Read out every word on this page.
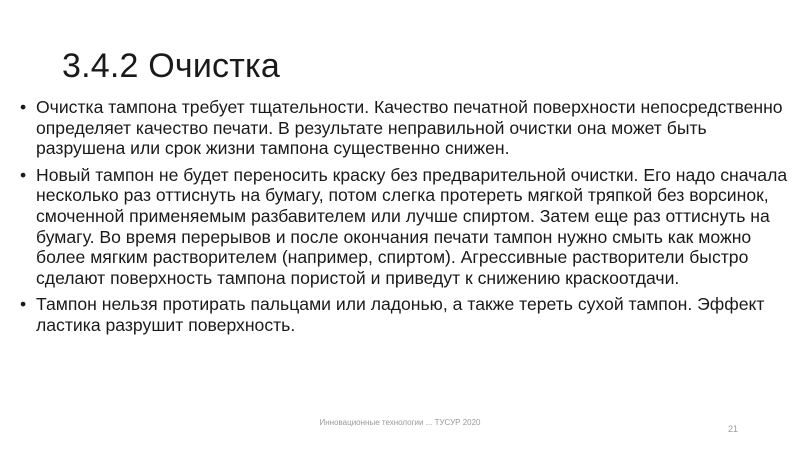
3.4.2 Очистка
• Очистка тампона требует тщательности. Качество печатной поверхности непосредственно определяет качество печати. В результате неправильной очистки она может быть разрушена или срок жизни тампона существенно снижен.
• Новый тампон не будет переносить краску без предварительной очистки. Его надо сначала несколько раз оттиснуть на бумагу, потом слегка протереть мягкой тряпкой без ворсинок, смоченной применяемым разбавителем или лучше спиртом. Затем еще раз оттиснуть на бумагу. Во время перерывов и после окончания печати тампон нужно смыть как можно более мягким растворителем (например, спиртом). Агрессивные растворители быстро сделают поверхность тампона пористой и приведут к снижению краскоотдачи.
• Тампон нельзя протирать пальцами или ладонью, а также тереть сухой тампон. Эффект ластика разрушит поверхность.
Инновационные технологии ... ТУСУР 2020
21
